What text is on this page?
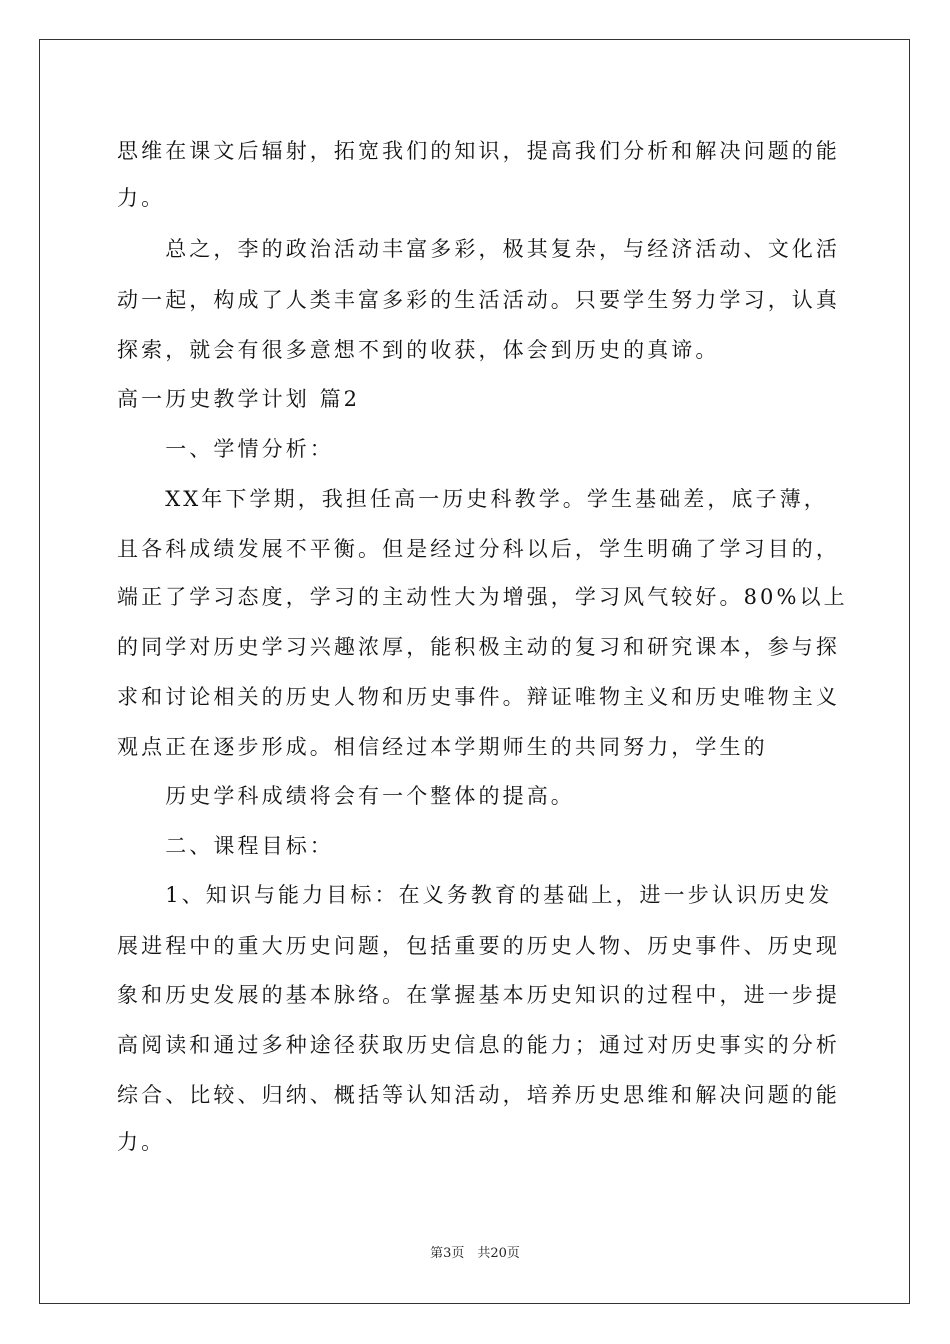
思维在课文后辐射，拓宽我们的知识，提高我们分析和解决问题的能
力。
　　总之，李的政治活动丰富多彩，极其复杂，与经济活动、文化活
动一起，构成了人类丰富多彩的生活活动。只要学生努力学习，认真
探索，就会有很多意想不到的收获，体会到历史的真谛。
高一历史教学计划 篇2
　　一、学情分析：
　　XX年下学期，我担任高一历史科教学。学生基础差，底子薄，
且各科成绩发展不平衡。但是经过分科以后，学生明确了学习目的，
端正了学习态度，学习的主动性大为增强，学习风气较好。80%以上
的同学对历史学习兴趣浓厚，能积极主动的复习和研究课本，参与探
求和讨论相关的历史人物和历史事件。辩证唯物主义和历史唯物主义
观点正在逐步形成。相信经过本学期师生的共同努力，学生的
　　历史学科成绩将会有一个整体的提高。
　　二、课程目标：
　　1、知识与能力目标：在义务教育的基础上，进一步认识历史发
展进程中的重大历史问题，包括重要的历史人物、历史事件、历史现
象和历史发展的基本脉络。在掌握基本历史知识的过程中，进一步提
高阅读和通过多种途径获取历史信息的能力；通过对历史事实的分析
综合、比较、归纳、概括等认知活动，培养历史思维和解决问题的能
力。
第3页　共20页
